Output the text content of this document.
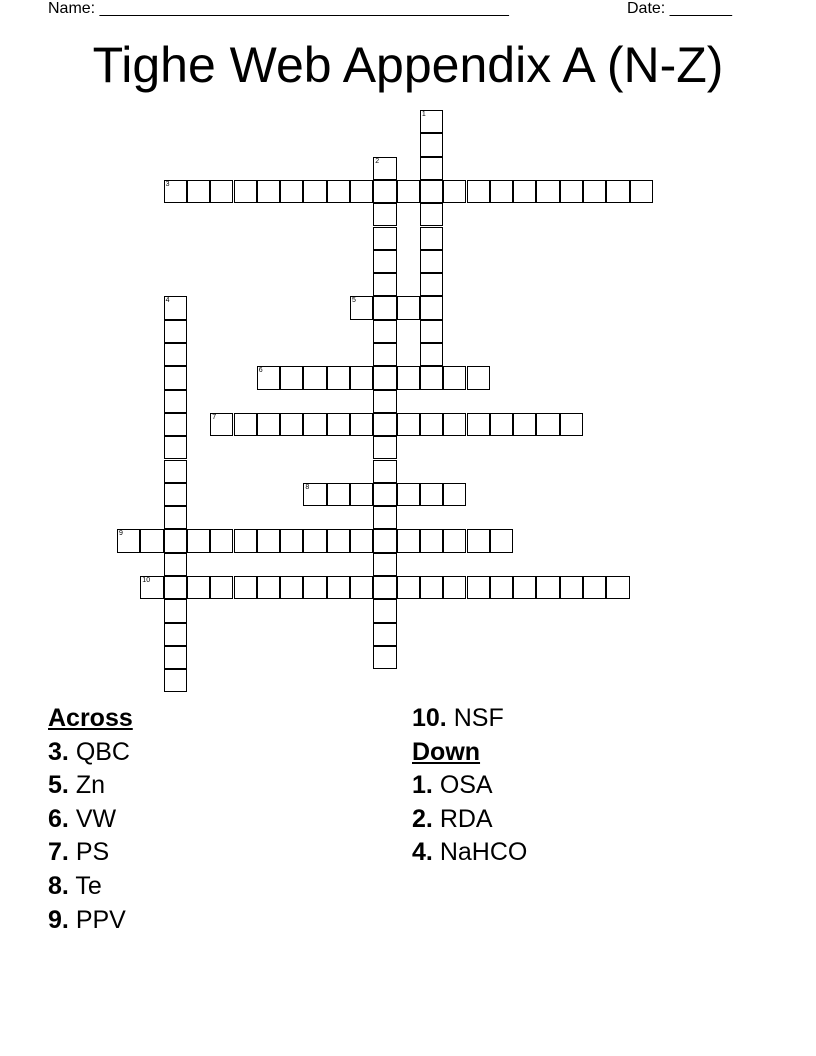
Name: ______________________________________________	Date: _______
Tighe Web Appendix A (N-Z)
1
2
3
4	5
6
7
8
9
10
Across
3. QBC
5. Zn
6. VW
7. PS
8. Te
9. PPV
10. NSF
Down
1. OSA
2. RDA
4. NaHCO
